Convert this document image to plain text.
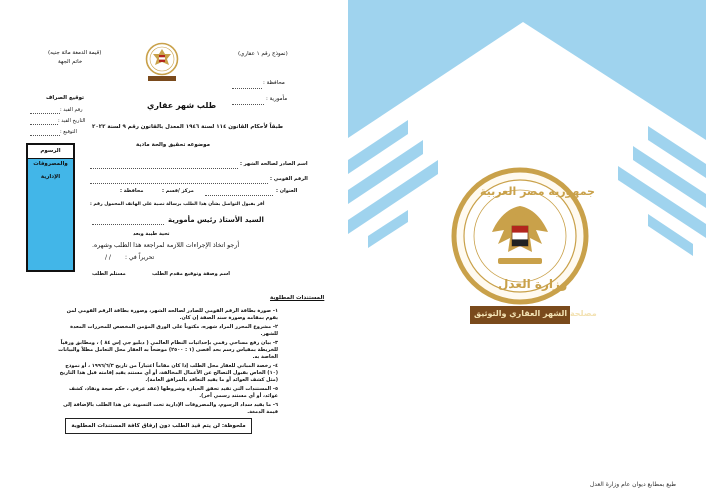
(نموذج رقم ١ عقاري)
(قيمة الدمغة مائة جنيه)
خاتم الجهة
محافظة :
مأمورية :
طلب شهر عقاري
طبقاً لأحكام القانون ١١٤ لسنة ١٩٤٦ المعدل بالقانون رقم ٩ لسنة ٢٠٢٢
موضوعه تحقيق والحة مادية
توقيع الصراف
رقم القيد :
التاريخ القيد :
التوقيع :
الرسوم والمصروفات الإدارية
اسم الصادر لصالحه الشهر :
الرقم القومي :
العنوان :
مركز /قسم :
محافظة :
أقر بقبول التواصل بشأن هذا الطلب برسالة نصية على الهاتف المحمول رقم :
السيد الأستاذ رئيس مأمورية
تحية طيبة وبعد
أرجو اتخاذ الإجراءات اللازمة لمراجعة هذا الطلب وشهره.
تحريراً في :
/ /
اسم وصفة وتوقيع مقدم الطلب
مستلم الطلب
المستندات المطلوبة
١- صورة بطاقة الرقم القومي للصادر لصالحه الشهر، وصورة بطاقة الرقم القومي لمن يقوم بمقامه وصورة سند الصفة إن كان.
٢- مشروع المحرر المراد شهره، مكتوباً على الورق المؤمن المخصص للمحررات المعدة للشهر.
٣- بيان رفع مساحي رقمي بإحداثيات النظام العالمي ( دبليو جي إس ٨٤ ) ، ومطابق ورقياً للخريطة بمقياس رسم بحد أقصى (١ : ٢٥٠٠) موضحاً به العقار محل التعامل مطلاً والبيانات الخاصة به.
٤- رخصة المباني للعقار محل الطلب إذا كان مقاماً اعتباراً من تاريخ ١٩٩٦/٦/٣ ، أو نموذج (١٠) الخاص بقبول التصالح عن الأعمال المخالفة، أو أي مستند يفيد إقامته قبل هذا التاريخ (مثل كشف العوائد أو ما يفيد التعاقد بالمرافق العامة).
٥- المستندات التي تفيد تحقق الحيازة وشروطها (عقد عرفي ، حكم صحة ونفاذ، كشف عوائد، أو أي مستند رسمي آخر).
٦- ما يفيد سداد الرسوم، والمصروفات الإدارية تحت التسوية عن هذا الطلب بالإضافة إلى قيمة الدمغة.
ملحوظة: لن يتم قيد الطلب دون إرفاق كافة المستندات المطلوبة
جمهورية مصر العربية
وزارة العدل
مصلحة الشهر العقاري والتوثيق
طبع بمطابع ديوان عام وزارة العدل
